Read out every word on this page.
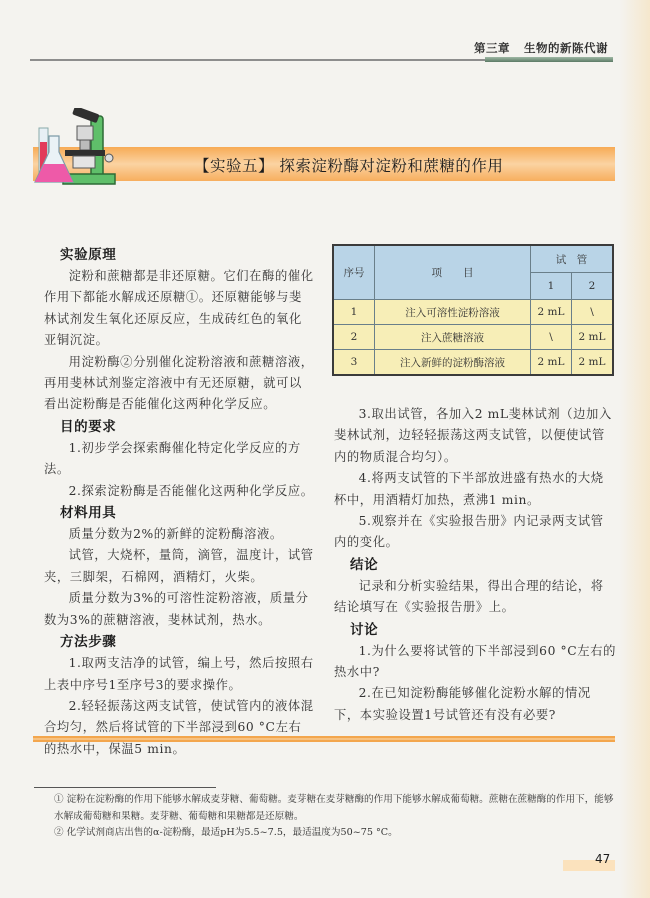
第三章 生物的新陈代谢
【实验五】 探索淀粉酶对淀粉和蔗糖的作用
实验原理

淀粉和蔗糖都是非还原糖。它们在酶的催化作用下都能水解成还原糖①。还原糖能够与斐林试剂发生氧化还原反应，生成砖红色的氧化亚铜沉淀。

用淀粉酶②分别催化淀粉溶液和蔗糖溶液，再用斐林试剂鉴定溶液中有无还原糖，就可以看出淀粉酶是否能催化这两种化学反应。

目的要求

1.初步学会探索酶催化特定化学反应的方法。

2.探索淀粉酶是否能催化这两种化学反应。

材料用具

质量分数为2%的新鲜的淀粉酶溶液。

试管，大烧杯，量筒，滴管，温度计，试管夹，三脚架，石棉网，酒精灯，火柴。

质量分数为3%的可溶性淀粉溶液，质量分数为3%的蔗糖溶液，斐林试剂，热水。

方法步骤

1.取两支洁净的试管，编上号，然后按照右上表中序号1至序号3的要求操作。

2.轻轻振荡这两支试管，使试管内的液体混合均匀，然后将试管的下半部浸到60 °C左右的热水中，保温5 min。

序号	项　　目	试　管	
		1	2
1	注入可溶性淀粉溶液	2 mL	\
2	注入蔗糖溶液	\	2 mL
3	注入新鲜的淀粉酶溶液	2 mL	2 mL

3.取出试管，各加入2 mL斐林试剂（边加入斐林试剂，边轻轻振荡这两支试管，以便使试管内的物质混合均匀）。

4.将两支试管的下半部放进盛有热水的大烧杯中，用酒精灯加热，煮沸1 min。

5.观察并在《实验报告册》内记录两支试管内的变化。

结论

记录和分析实验结果，得出合理的结论，将结论填写在《实验报告册》上。

讨论

1.为什么要将试管的下半部浸到60 °C左右的热水中?

2.在已知淀粉酶能够催化淀粉水解的情况下，本实验设置1号试管还有没有必要?

① 淀粉在淀粉酶的作用下能够水解成麦芽糖、葡萄糖。麦芽糖在麦芽糖酶的作用下能够水解成葡萄糖。蔗糖在蔗糖酶的作用下，能够水解成葡萄糖和果糖。麦芽糖、葡萄糖和果糖都是还原糖。

② 化学试剂商店出售的α-淀粉酶，最适pH为5.5~7.5，最适温度为50~75 °C。

47
